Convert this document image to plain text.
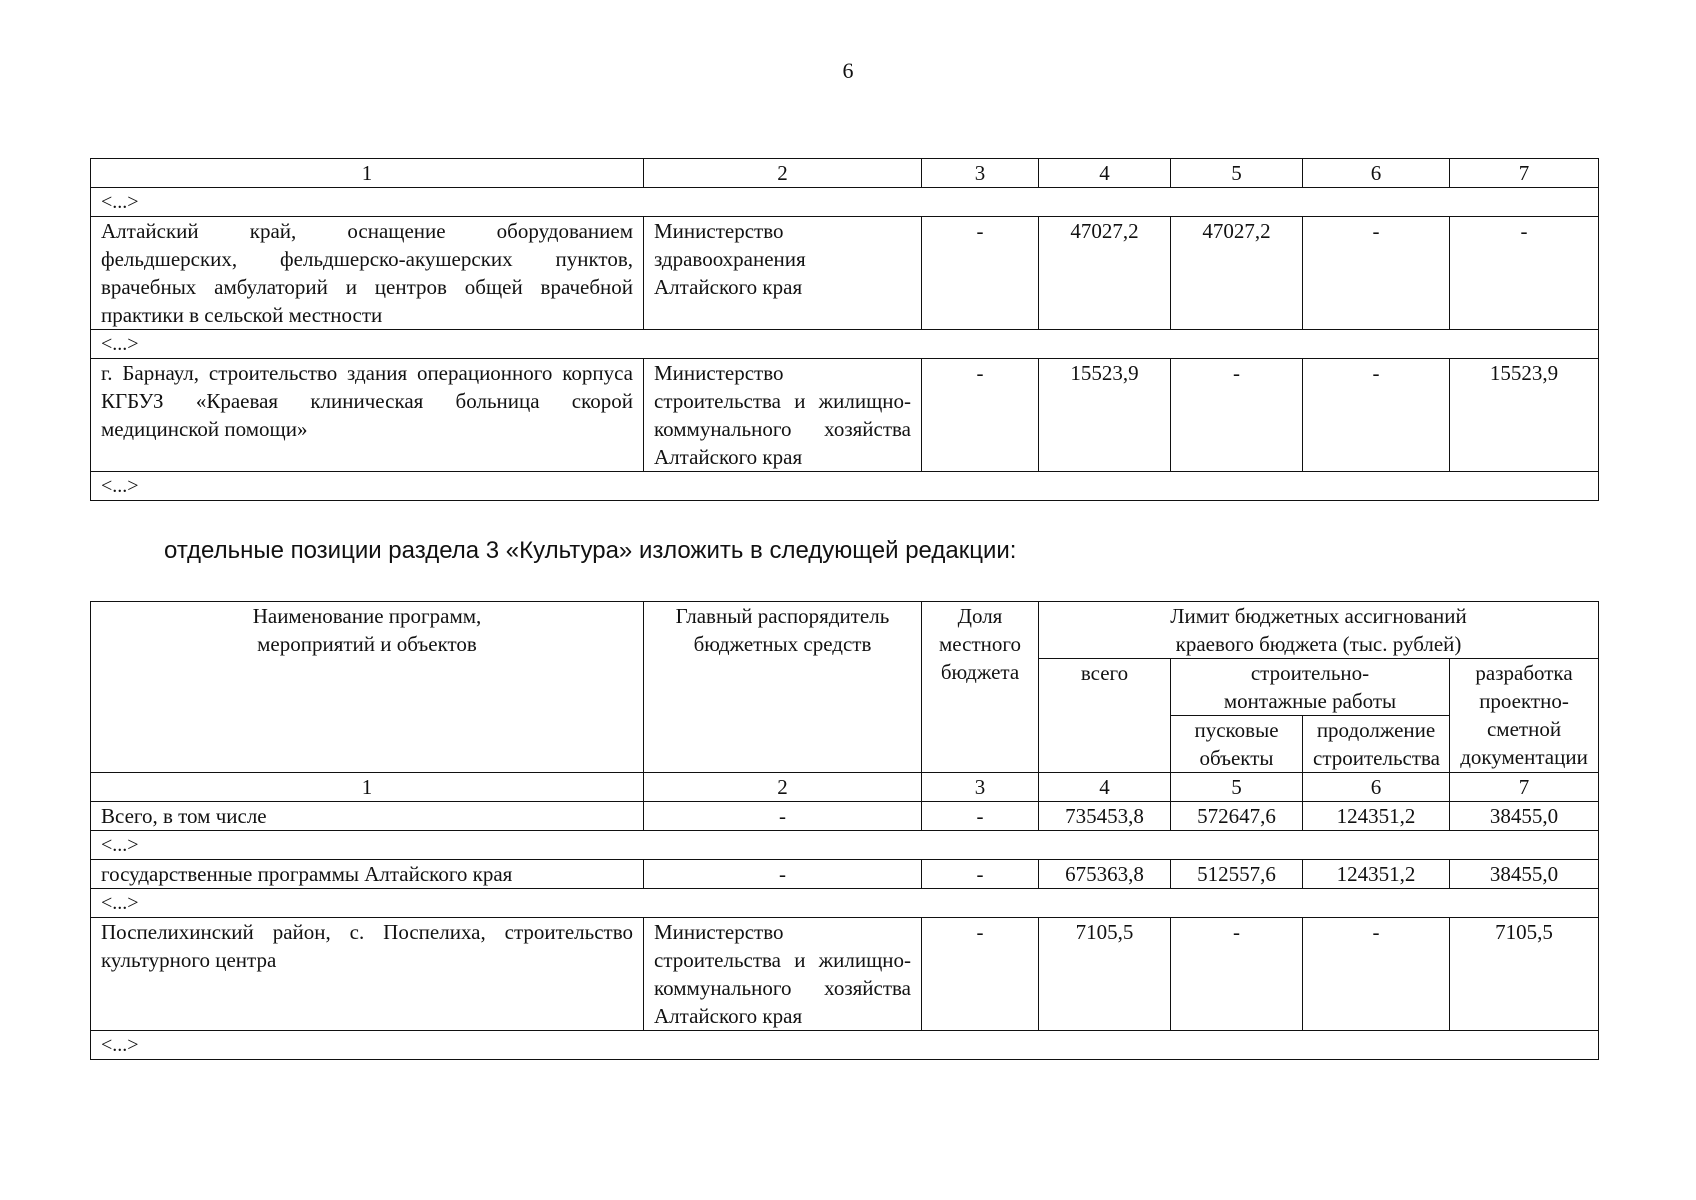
6
1	2	3	4	5	6	7
<...>						
Алтайский край, оснащение оборудованием фельдшерских, фельдшерско-акушерских пунктов, врачебных амбулаторий и центров общей врачебной практики в сельской местности	Министерство здравоохранения Алтайского края	-	47027,2	47027,2	-	-
<...>						
г. Барнаул, строительство здания операционного корпуса КГБУЗ «Краевая клиническая больница скорой медицинской помощи»	Министерство строительства и жилищно-коммунального хозяйства Алтайского края	-	15523,9	-	-	15523,9
<...>						
отдельные позиции раздела 3 «Культура» изложить в следующей редакции:
Наименование программ, мероприятий и объектов	Главный распорядитель бюджетных средств	Доля местного бюджета	Лимит бюджетных ассигнований краевого бюджета (тыс. рублей)			
			всего	строительно-монтажные работы		разработка проектно-сметной документации
				пусковые объекты	продолжение строительства	

1	2	3	4	5	6	7
Всего, в том числе	-	-	735453,8	572647,6	124351,2	38455,0
<...>						
государственные программы Алтайского края	-	-	675363,8	512557,6	124351,2	38455,0
<...>						
Поспелихинский район, с. Поспелиха, строительство культурного центра	Министерство строительства и жилищно-коммунального хозяйства Алтайского края	-	7105,5	-	-	7105,5
<...>						
